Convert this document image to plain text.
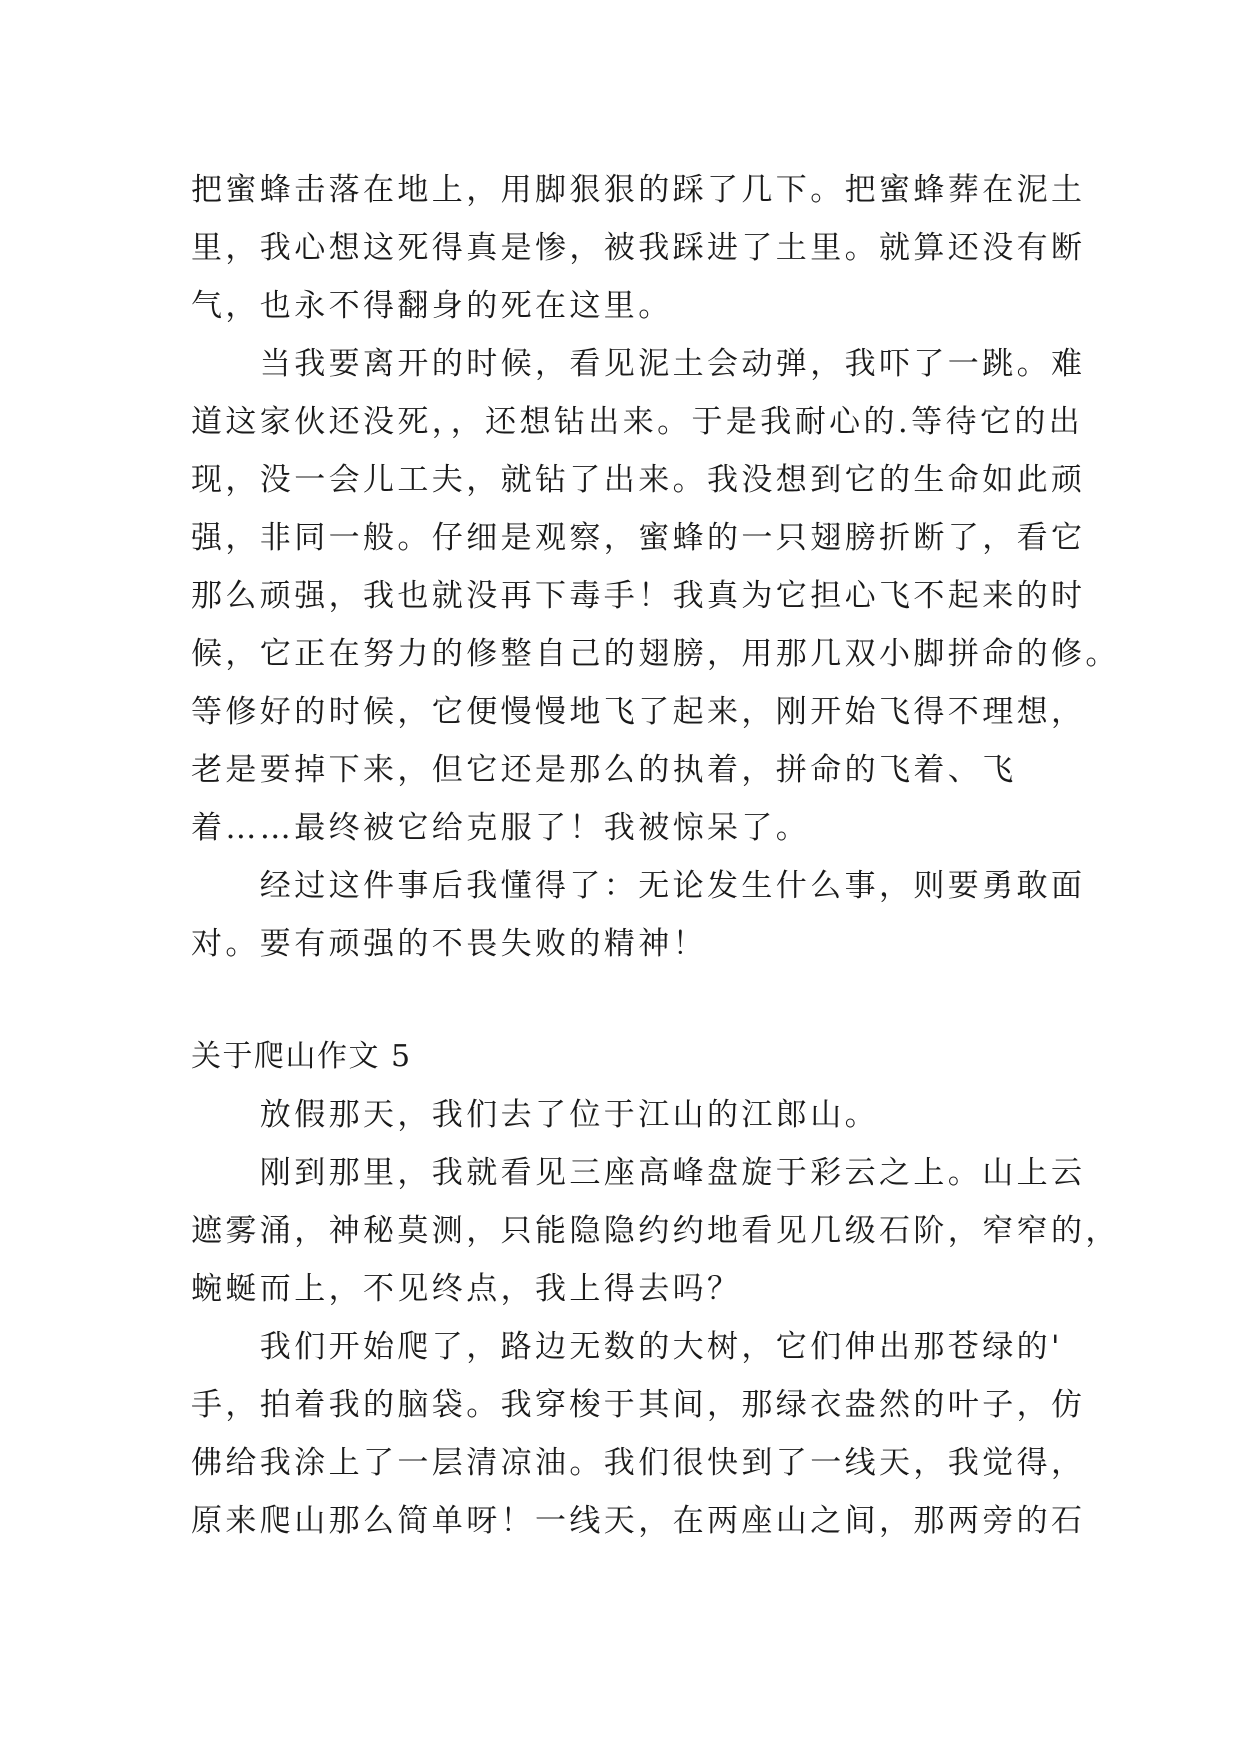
把蜜蜂击落在地上，用脚狠狠的踩了几下。把蜜蜂葬在泥土
里，我心想这死得真是惨，被我踩进了土里。就算还没有断
气，也永不得翻身的死在这里。
　　当我要离开的时候，看见泥土会动弹，我吓了一跳。难
道这家伙还没死，，还想钻出来。于是我耐心的.等待它的出
现，没一会儿工夫，就钻了出来。我没想到它的生命如此顽
强，非同一般。仔细是观察，蜜蜂的一只翅膀折断了，看它
那么顽强，我也就没再下毒手！我真为它担心飞不起来的时
候，它正在努力的修整自己的翅膀，用那几双小脚拼命的修。
等修好的时候，它便慢慢地飞了起来，刚开始飞得不理想，
老是要掉下来，但它还是那么的执着，拼命的飞着、飞
着……最终被它给克服了！我被惊呆了。
　　经过这件事后我懂得了：无论发生什么事，则要勇敢面
对。要有顽强的不畏失败的精神！
关于爬山作文 5
　　放假那天，我们去了位于江山的江郎山。
　　刚到那里，我就看见三座高峰盘旋于彩云之上。山上云
遮雾涌，神秘莫测，只能隐隐约约地看见几级石阶，窄窄的，
蜿蜒而上，不见终点，我上得去吗？
　　我们开始爬了，路边无数的大树，它们伸出那苍绿的'
手，拍着我的脑袋。我穿梭于其间，那绿衣盎然的叶子，仿
佛给我涂上了一层清凉油。我们很快到了一线天，我觉得，
原来爬山那么简单呀！一线天，在两座山之间，那两旁的石
